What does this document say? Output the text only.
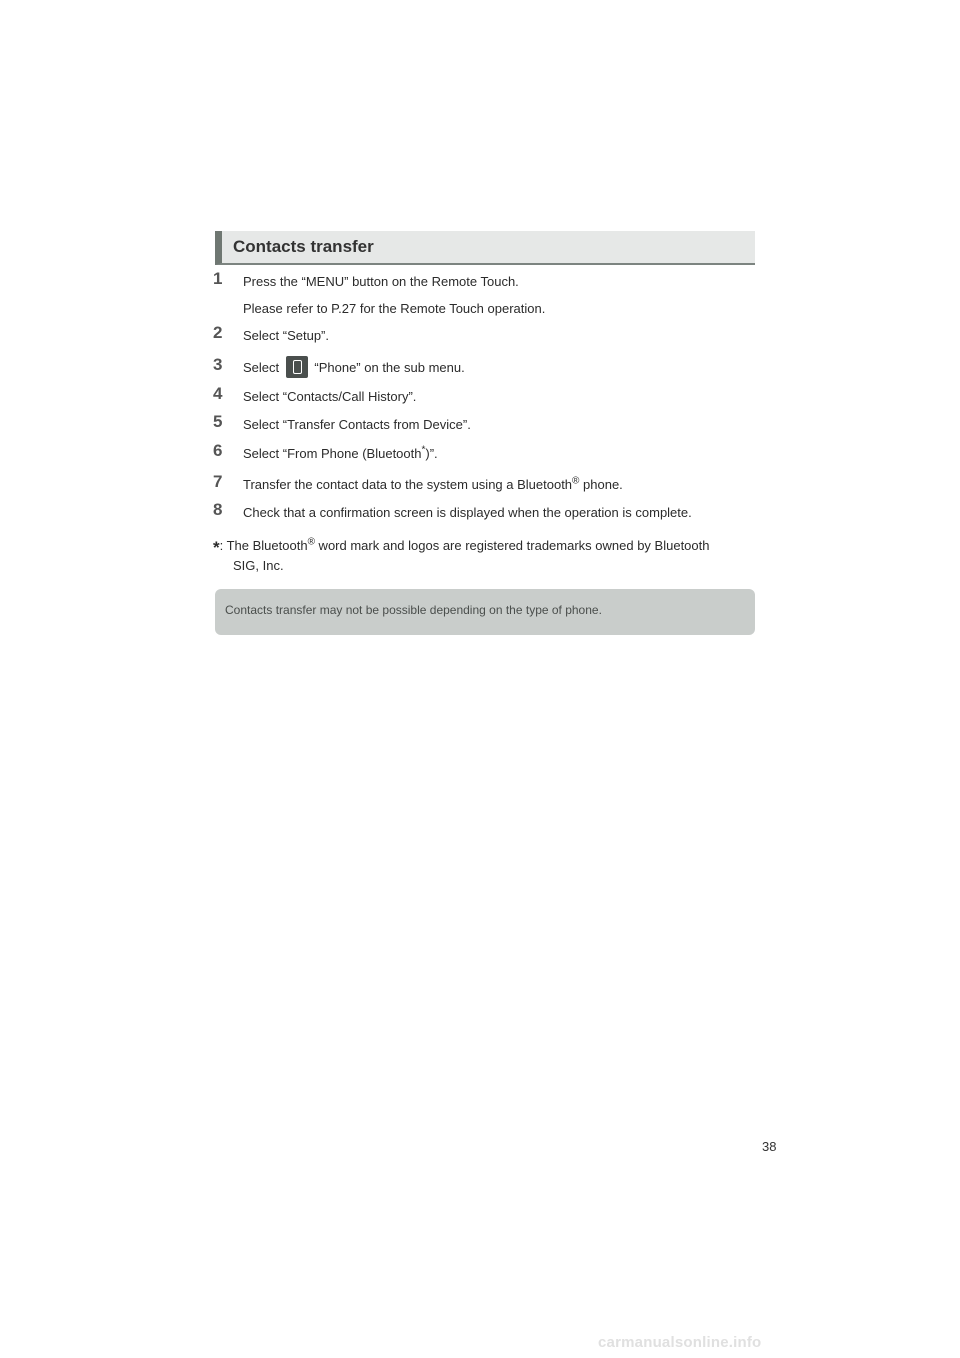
Contacts transfer
1 Press the “MENU” button on the Remote Touch.
Please refer to P.27 for the Remote Touch operation.
2 Select “Setup”.
3 Select	“Phone” on the sub menu.
4 Select “Contacts/Call History”.
5 Select “Transfer Contacts from Device”.
6 Select “From Phone (Bluetooth*)”.
7 Transfer the contact data to the system using a Bluetooth® phone.
8 Check that a confirmation screen is displayed when the operation is complete.
*: The Bluetooth® word mark and logos are registered trademarks owned by Bluetooth
SIG, Inc.
Contacts transfer may not be possible depending on the type of phone.
38
carmanualsonline.info
